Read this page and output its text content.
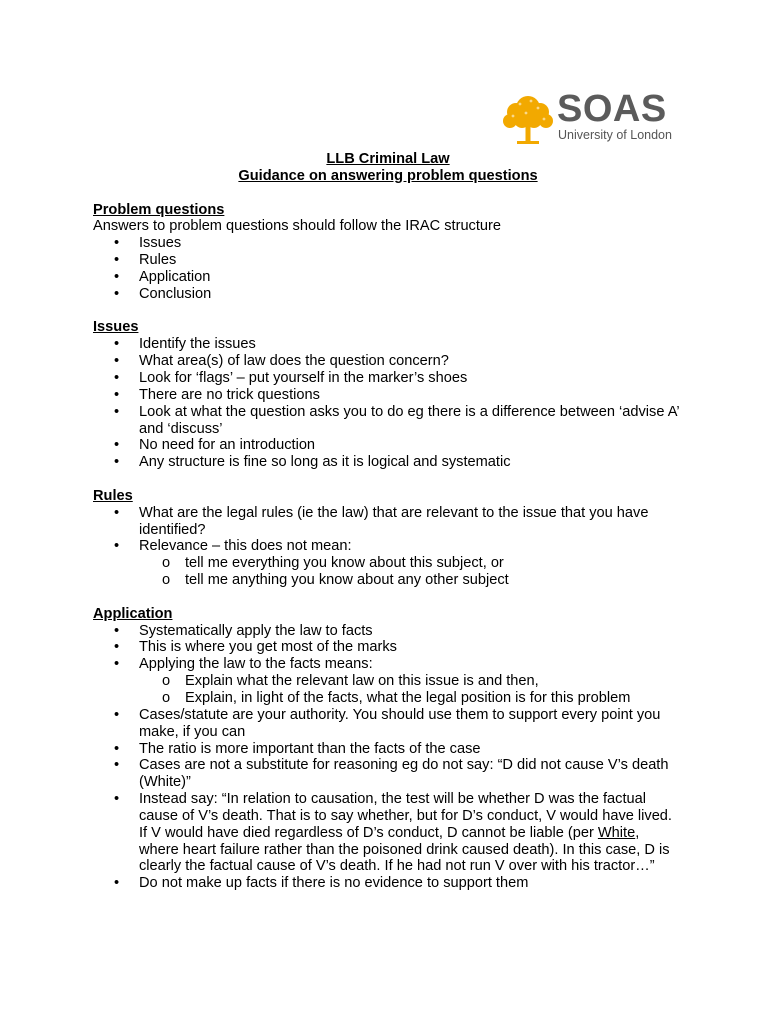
SOAS
University of London
LLB Criminal Law
Guidance on answering problem questions
Problem questions
Answers to problem questions should follow the IRAC structure
• Issues
• Rules
• Application
• Conclusion
Issues
• Identify the issues
• What area(s) of law does the question concern?
• Look for ‘flags’ – put yourself in the marker’s shoes
• There are no trick questions
• Look at what the question asks you to do eg there is a difference between ‘advise A’ and ‘discuss’
• No need for an introduction
• Any structure is fine so long as it is logical and systematic
Rules
• What are the legal rules (ie the law) that are relevant to the issue that you have identified?
• Relevance – this does not mean:
o tell me everything you know about this subject, or
o tell me anything you know about any other subject
Application
• Systematically apply the law to facts
• This is where you get most of the marks
• Applying the law to the facts means:
o Explain what the relevant law on this issue is and then,
o Explain, in light of the facts, what the legal position is for this problem
• Cases/statute are your authority. You should use them to support every point you make, if you can
• The ratio is more important than the facts of the case
• Cases are not a substitute for reasoning eg do not say: “D did not cause V’s death (White)”
• Instead say: “In relation to causation, the test will be whether D was the factual cause of V’s death. That is to say whether, but for D’s conduct, V would have lived. If V would have died regardless of D’s conduct, D cannot be liable (per White, where heart failure rather than the poisoned drink caused death). In this case, D is clearly the factual cause of V’s death. If he had not run V over with his tractor…”
• Do not make up facts if there is no evidence to support them
